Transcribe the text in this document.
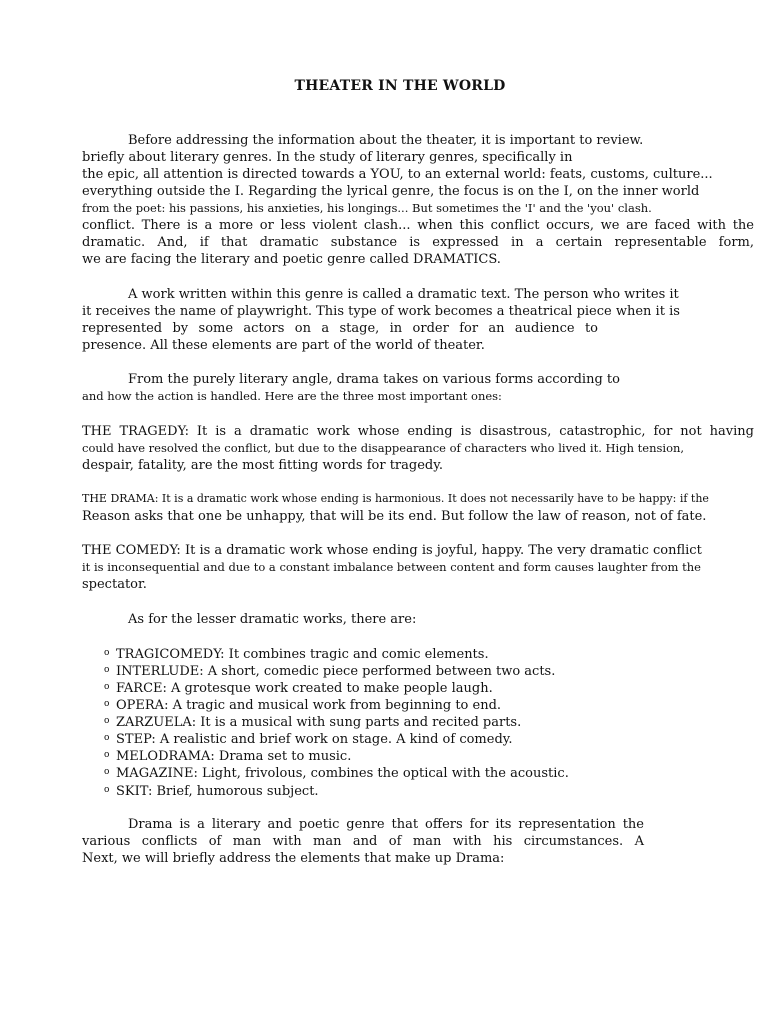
THEATER IN THE WORLD
Before addressing the information about the theater, it is important to review.
briefly about literary genres. In the study of literary genres, specifically in
the epic, all attention is directed towards a YOU, to an external world: feats, customs, culture...
everything outside the I. Regarding the lyrical genre, the focus is on the I, on the inner world
from the poet: his passions, his anxieties, his longings... But sometimes the 'I' and the 'you' clash.
conflict. There is a more or less violent clash... when this conflict occurs, we are faced with the
dramatic. And, if that dramatic substance is expressed in a certain representable form,
we are facing the literary and poetic genre called DRAMATICS.
A work written within this genre is called a dramatic text. The person who writes it
it receives the name of playwright. This type of work becomes a theatrical piece when it is
represented by some actors on a stage, in order for an audience to
presence. All these elements are part of the world of theater.
From the purely literary angle, drama takes on various forms according to
and how the action is handled. Here are the three most important ones:
THE TRAGEDY: It is a dramatic work whose ending is disastrous, catastrophic, for not having
could have resolved the conflict, but due to the disappearance of characters who lived it. High tension,
despair, fatality, are the most fitting words for tragedy.
THE DRAMA: It is a dramatic work whose ending is harmonious. It does not necessarily have to be happy: if the
Reason asks that one be unhappy, that will be its end. But follow the law of reason, not of fate.
THE COMEDY: It is a dramatic work whose ending is joyful, happy. The very dramatic conflict
it is inconsequential and due to a constant imbalance between content and form causes laughter from the
spectator.
As for the lesser dramatic works, there are:
o TRAGICOMEDY: It combines tragic and comic elements.
o INTERLUDE: A short, comedic piece performed between two acts.
o FARCE: A grotesque work created to make people laugh.
o OPERA: A tragic and musical work from beginning to end.
o ZARZUELA: It is a musical with sung parts and recited parts.
o STEP: A realistic and brief work on stage. A kind of comedy.
o MELODRAMA: Drama set to music.
o MAGAZINE: Light, frivolous, combines the optical with the acoustic.
o SKIT: Brief, humorous subject.
Drama is a literary and poetic genre that offers for its representation the
various conflicts of man with man and of man with his circumstances. A
Next, we will briefly address the elements that make up Drama:
